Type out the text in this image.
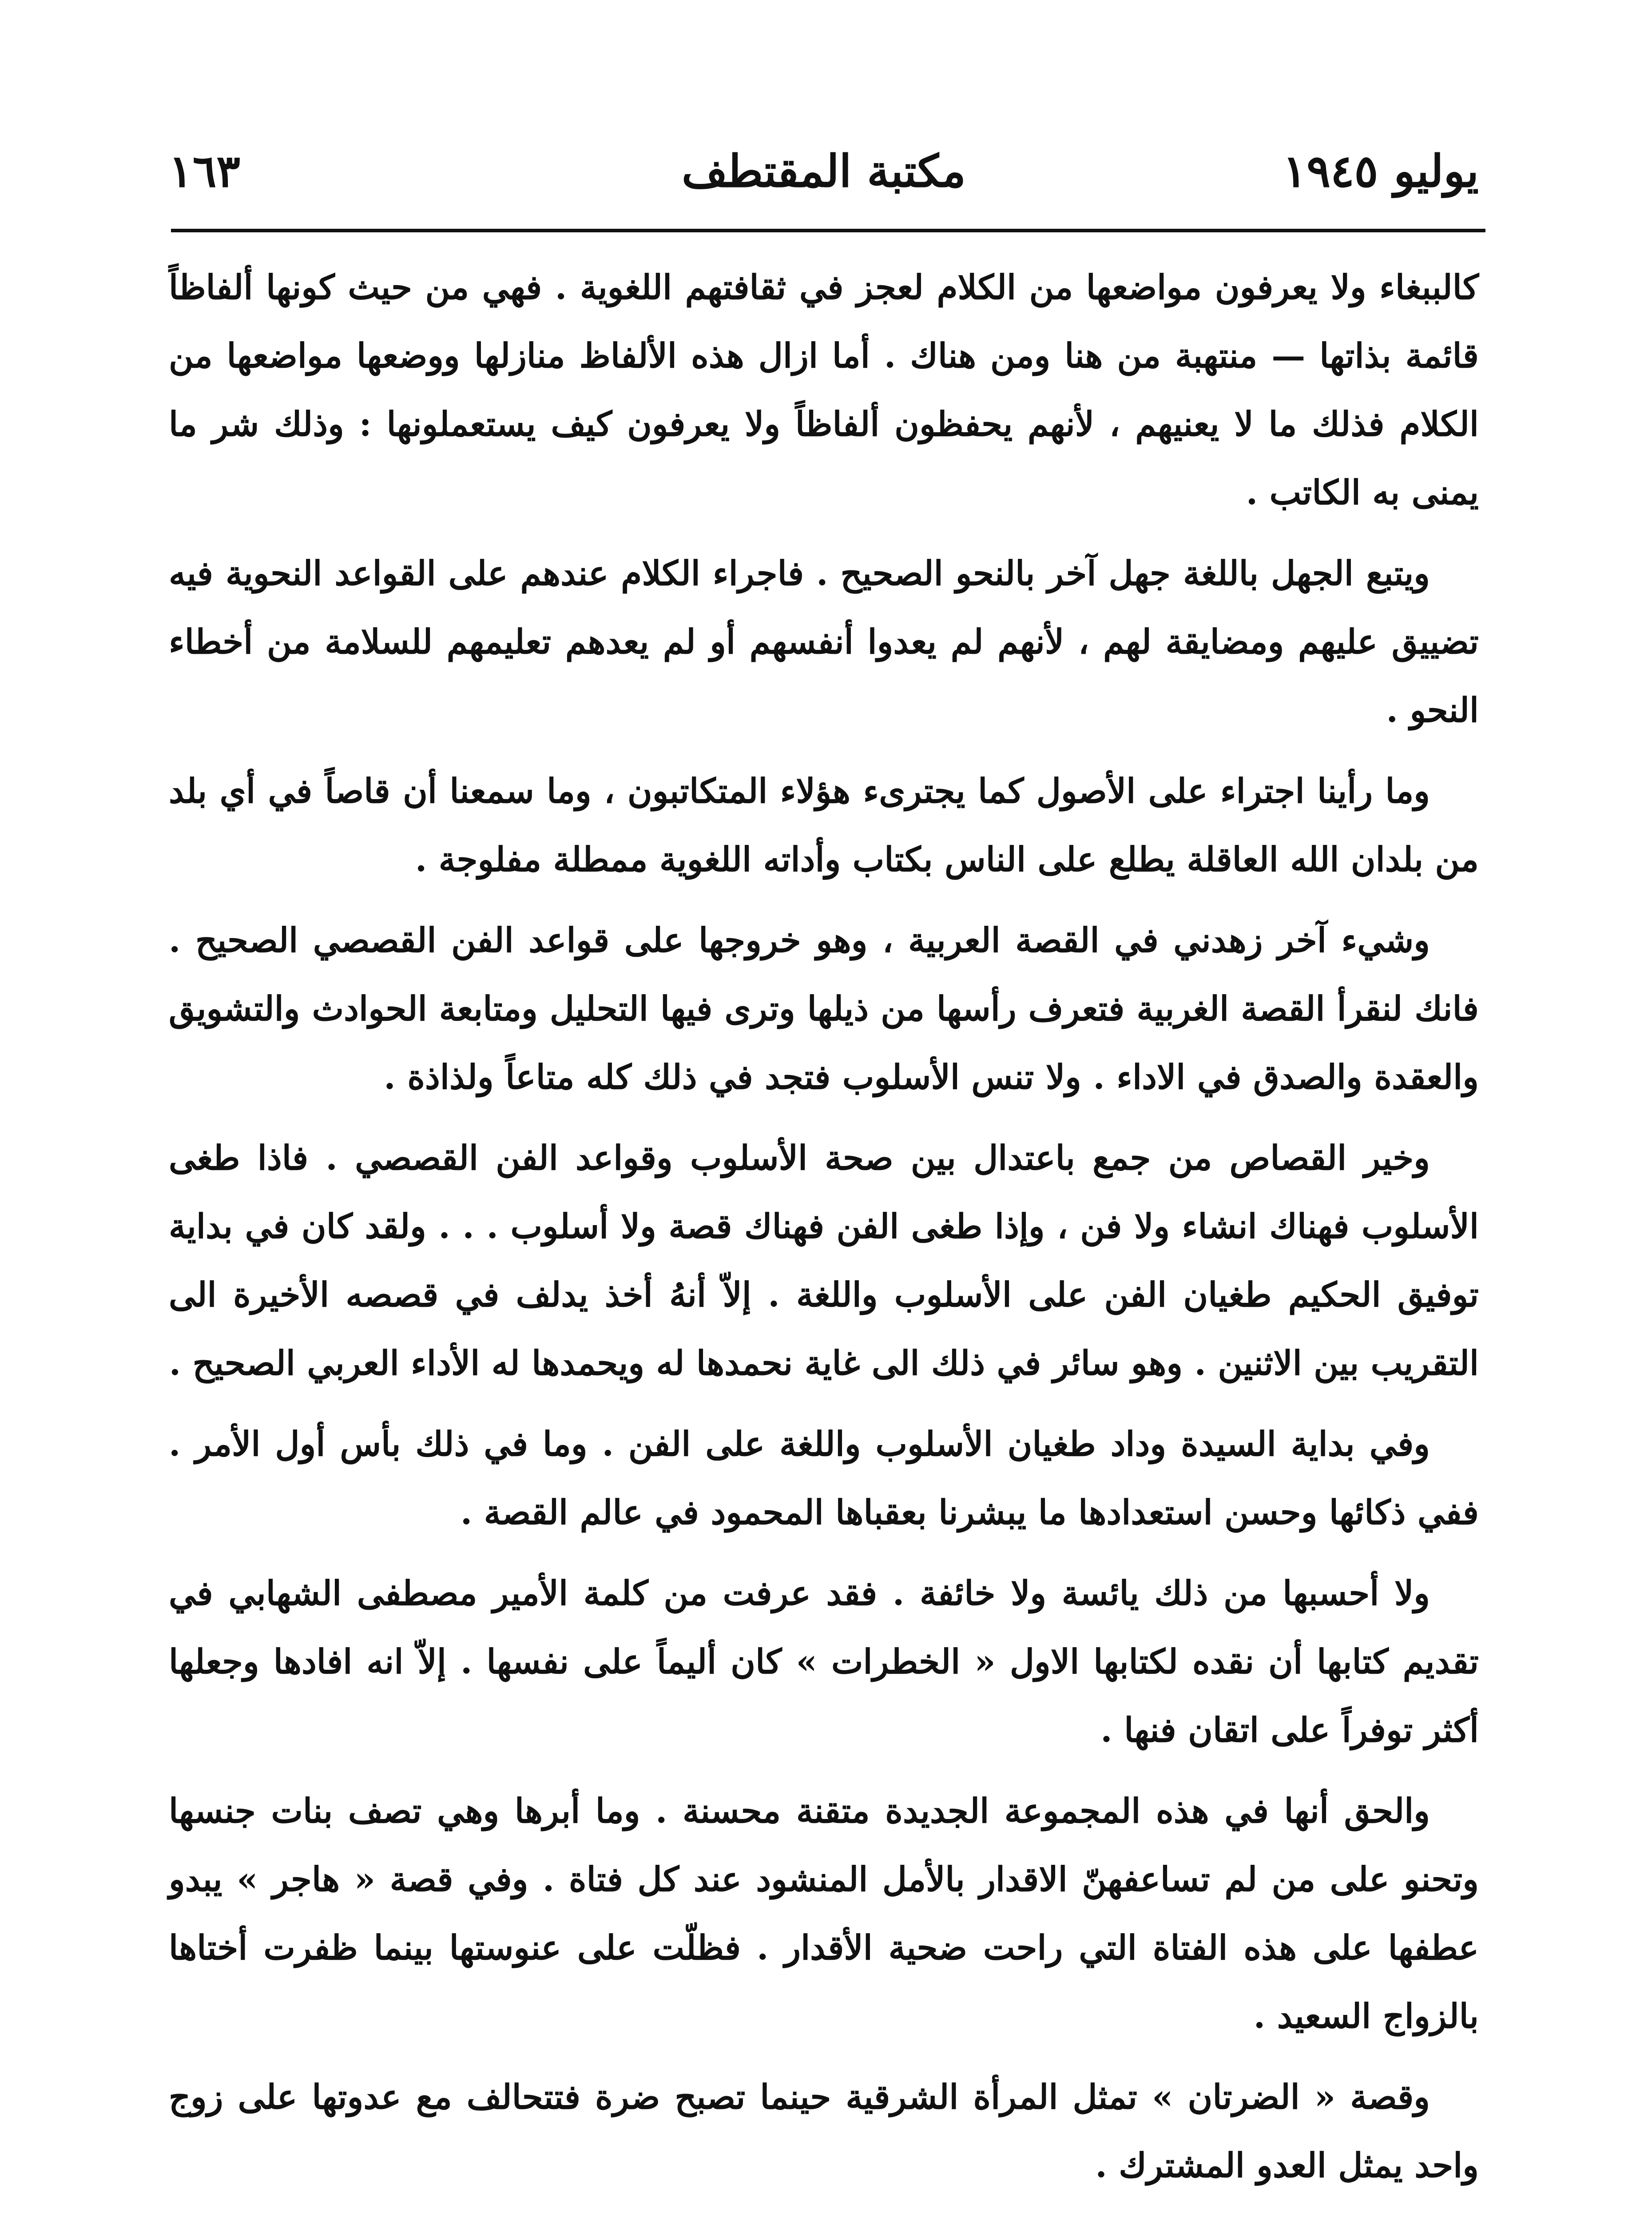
يوليو ١٩٤٥
مكتبة المقتطف
١٦٣

كالببغاء ولا يعرفون مواضعها من الكلام لعجز في ثقافتهم اللغوية . فهي من حيث كونها ألفاظاً قائمة بذاتها — منتهبة من هنا ومن هناك . أما ازال هذه الألفاظ منازلها ووضعها مواضعها من الكلام فذلك ما لا يعنيهم ، لأنهم يحفظون ألفاظاً ولا يعرفون كيف يستعملونها : وذلك شر ما يمنى به الكاتب .

ويتبع الجهل باللغة جهل آخر بالنحو الصحيح . فاجراء الكلام عندهم على القواعد النحوية فيه تضييق عليهم ومضايقة لهم ، لأنهم لم يعدوا أنفسهم أو لم يعدهم تعليمهم للسلامة من أخطاء النحو .

وما رأينا اجتراء على الأصول كما يجترىء هؤلاء المتكاتبون ، وما سمعنا أن قاصاً في أي بلد من بلدان الله العاقلة يطلع على الناس بكتاب وأداته اللغوية ممطلة مفلوجة .

وشيء آخر زهدني في القصة العربية ، وهو خروجها على قواعد الفن القصصي الصحيح . فانك لنقرأ القصة الغربية فتعرف رأسها من ذيلها وترى فيها التحليل ومتابعة الحوادث والتشويق والعقدة والصدق في الاداء . ولا تنس الأسلوب فتجد في ذلك كله متاعاً ولذاذة .

وخير القصاص من جمع باعتدال بين صحة الأسلوب وقواعد الفن القصصي . فاذا طغى الأسلوب فهناك انشاء ولا فن ، وإذا طغى الفن فهناك قصة ولا أسلوب . . . ولقد كان في بداية توفيق الحكيم طغيان الفن على الأسلوب واللغة . إلاّ أنهُ أخذ يدلف في قصصه الأخيرة الى التقريب بين الاثنين . وهو سائر في ذلك الى غاية نحمدها له ويحمدها له الأداء العربي الصحيح .

وفي بداية السيدة وداد طغيان الأسلوب واللغة على الفن . وما في ذلك بأس أول الأمر . ففي ذكائها وحسن استعدادها ما يبشرنا بعقباها المحمود في عالم القصة .

ولا أحسبها من ذلك يائسة ولا خائفة . فقد عرفت من كلمة الأمير مصطفى الشهابي في تقديم كتابها أن نقده لكتابها الاول « الخطرات » كان أليماً على نفسها . إلاّ انه افادها وجعلها أكثر توفراً على اتقان فنها .

والحق أنها في هذه المجموعة الجديدة متقنة محسنة . وما أبرها وهي تصف بنات جنسها وتحنو على من لم تساعفهنّ الاقدار بالأمل المنشود عند كل فتاة . وفي قصة « هاجر » يبدو عطفها على هذه الفتاة التي راحت ضحية الأقدار . فظلّت على عنوستها بينما ظفرت أختاها بالزواج السعيد .

وقصة « الضرتان » تمثل المرأة الشرقية حينما تصبح ضرة فتتحالف مع عدوتها على زوج واحد يمثل العدو المشترك .
